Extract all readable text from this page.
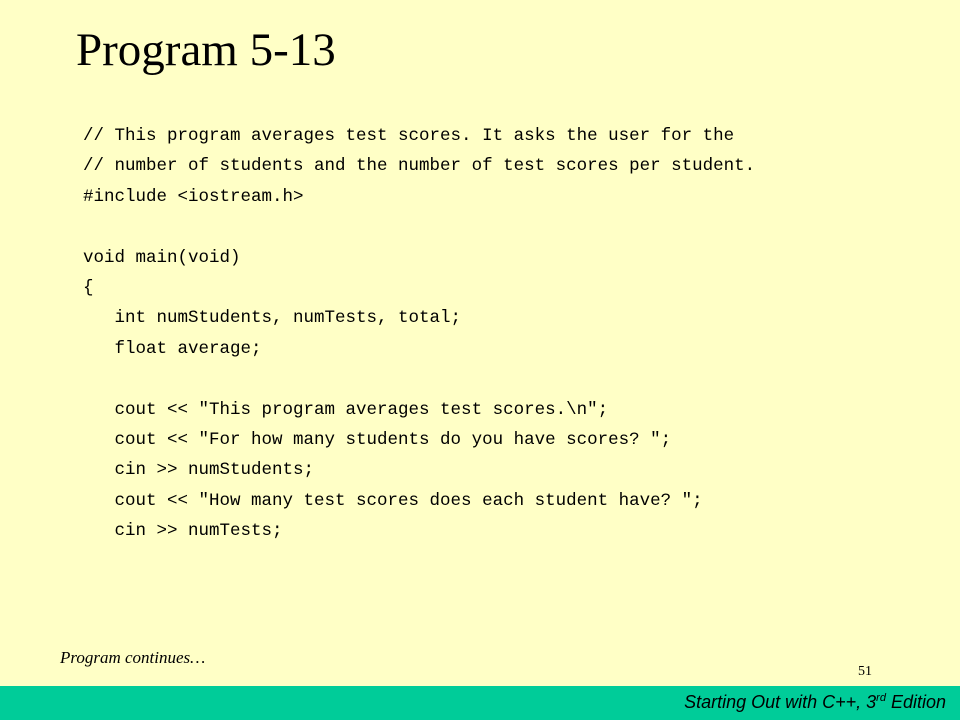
Program 5-13
// This program averages test scores. It asks the user for the
// number of students and the number of test scores per student.
#include <iostream.h>
void main(void)
{
int numStudents, numTests, total;
float average;
cout << "This program averages test scores.\n";
cout << "For how many students do you have scores? ";
cin >> numStudents;
cout << "How many test scores does each student have? ";
cin >> numTests;
Program continues…
51
Starting Out with C++, 3rd Edition
